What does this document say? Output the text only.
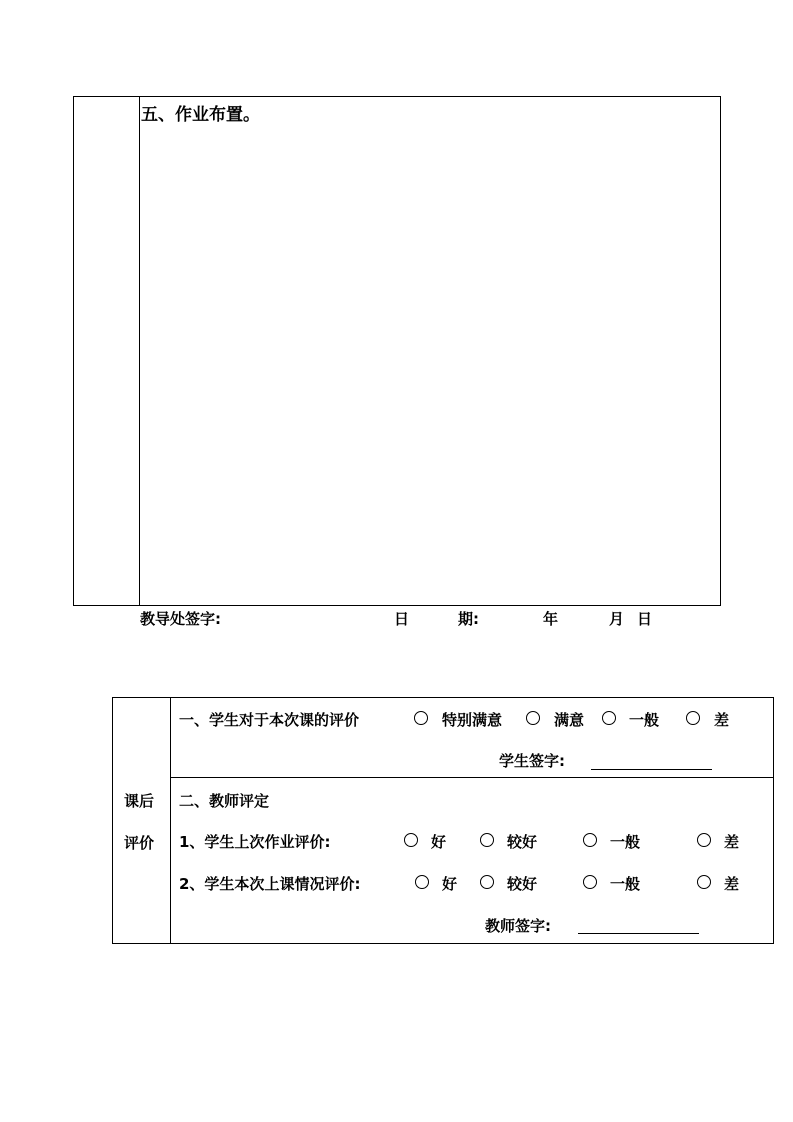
五、作业布置。
教导处签字:	日	期:	年	月 日
课后
评价
一、学生对于本次课的评价	特别满意	满意	一般	差
学生签字:
二、教师评定
1、学生上次作业评价:	好	较好	一般	差
2、学生本次上课情况评价:	好	较好	一般	差
教师签字:
